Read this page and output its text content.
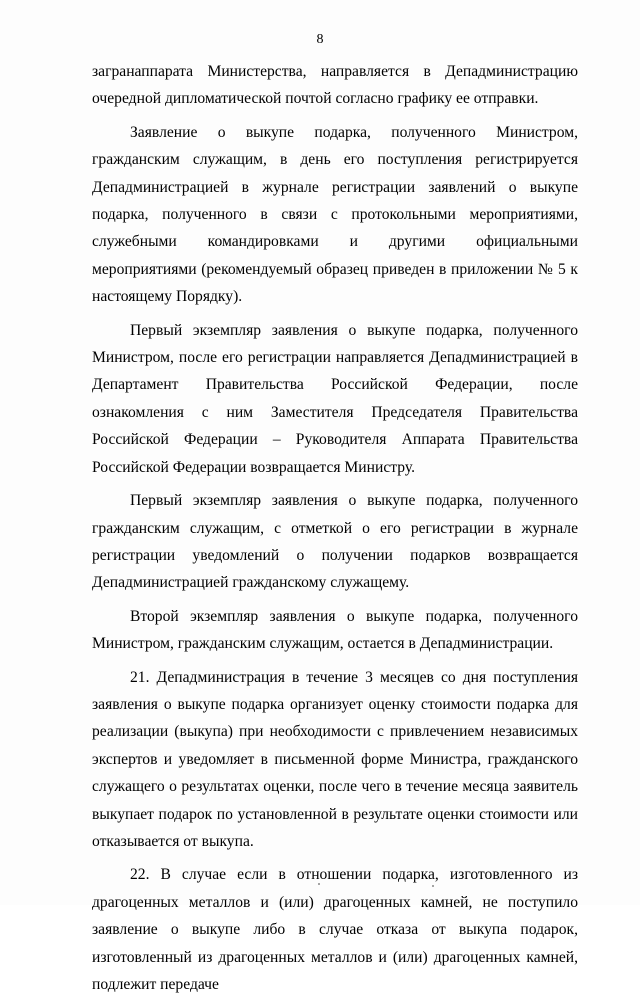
8

загранаппарата Министерства, направляется в Депадминистрацию очередной дипломатической почтой согласно графику ее отправки.

Заявление о выкупе подарка, полученного Министром, гражданским служащим, в день его поступления регистрируется Депадминистрацией в журнале регистрации заявлений о выкупе подарка, полученного в связи с протокольными мероприятиями, служебными командировками и другими официальными мероприятиями (рекомендуемый образец приведен в приложении № 5 к настоящему Порядку).

Первый экземпляр заявления о выкупе подарка, полученного Министром, после его регистрации направляется Депадминистрацией в Департамент Правительства Российской Федерации, после ознакомления с ним Заместителя Председателя Правительства Российской Федерации – Руководителя Аппарата Правительства Российской Федерации возвращается Министру.

Первый экземпляр заявления о выкупе подарка, полученного гражданским служащим, с отметкой о его регистрации в журнале регистрации уведомлений о получении подарков возвращается Депадминистрацией гражданскому служащему.

Второй экземпляр заявления о выкупе подарка, полученного Министром, гражданским служащим, остается в Депадминистрации.

21. Депадминистрация в течение 3 месяцев со дня поступления заявления о выкупе подарка организует оценку стоимости подарка для реализации (выкупа) при необходимости с привлечением независимых экспертов и уведомляет в письменной форме Министра, гражданского служащего о результатах оценки, после чего в течение месяца заявитель выкупает подарок по установленной в результате оценки стоимости или отказывается от выкупа.

22. В случае если в отношении подарка, изготовленного из драгоценных металлов и (или) драгоценных камней, не поступило заявление о выкупе либо в случае отказа от выкупа подарок, изготовленный из драгоценных металлов и (или) драгоценных камней, подлежит передаче
